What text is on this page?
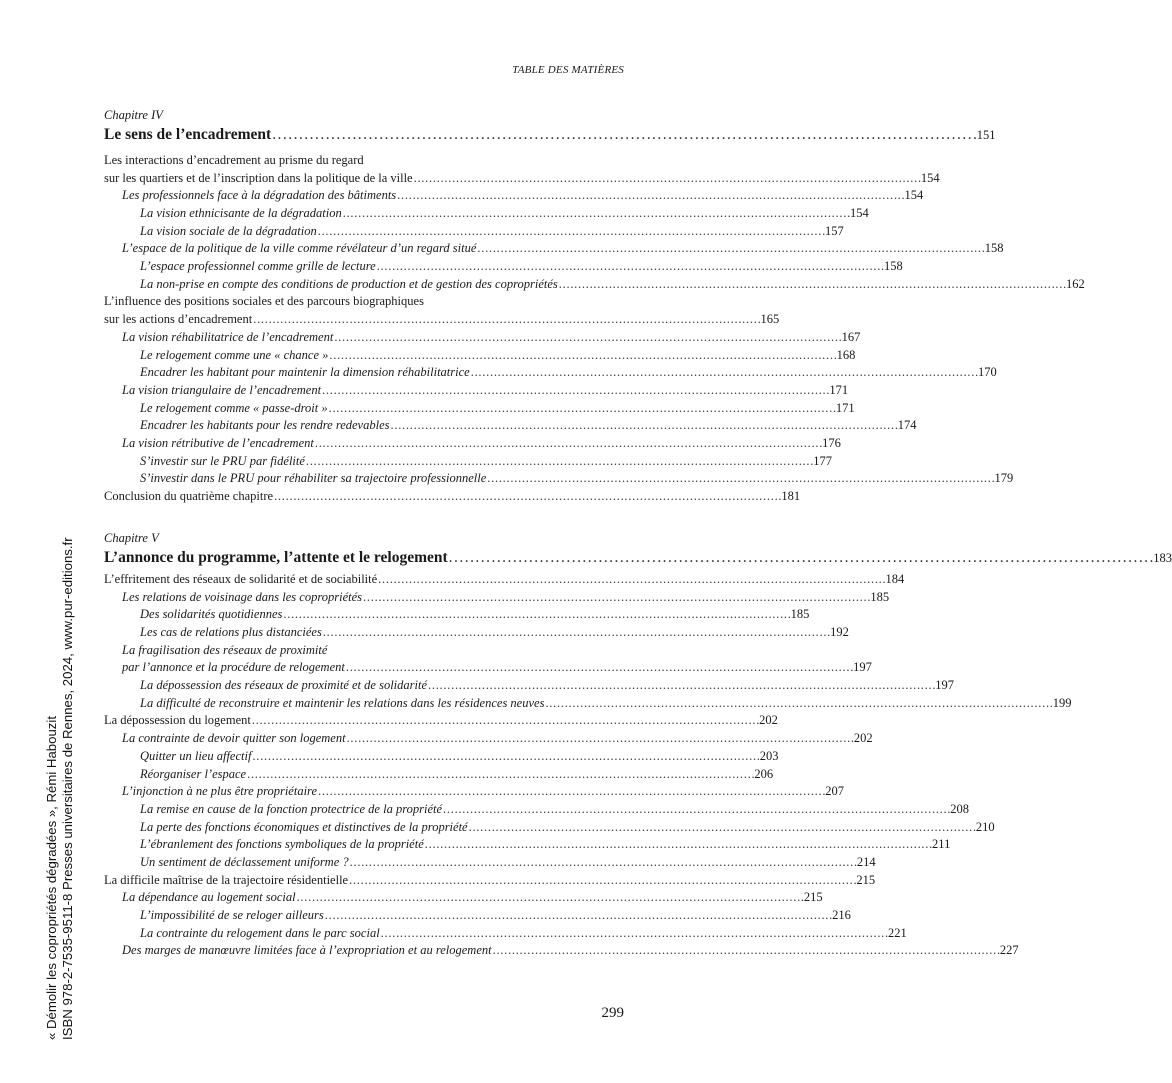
TABLE DES MATIÈRES
Chapitre IV
Le sens de l’encadrement . . .	151
Les interactions d’encadrement au prisme du regard
sur les quartiers et de l’inscription dans la politique de la ville . . .	154
Les professionnels face à la dégradation des bâtiments . . .	154
La vision ethnicisante de la dégradation . . .	154
La vision sociale de la dégradation . . .	157
L’espace de la politique de la ville comme révélateur d’un regard situé . . .	158
L’espace professionnel comme grille de lecture . . .	158
La non-prise en compte des conditions de production et de gestion des copropriétés . . .	162
L’influence des positions sociales et des parcours biographiques
sur les actions d’encadrement . . .	165
La vision réhabilitatrice de l’encadrement . . .	167
Le relogement comme une « chance » . . .	168
Encadrer les habitant pour maintenir la dimension réhabilitatrice . . .	170
La vision triangulaire de l’encadrement . . .	171
Le relogement comme « passe-droit » . . .	171
Encadrer les habitants pour les rendre redevables . . .	174
La vision rétributive de l’encadrement . . .	176
S’investir sur le PRU par fidélité . . .	177
S’investir dans le PRU pour réhabiliter sa trajectoire professionnelle . . .	179
Conclusion du quatrième chapitre . . .	181
Chapitre V
L’annonce du programme, l’attente et le relogement . . .	183
L’effritement des réseaux de solidarité et de sociabilité . . .	184
Les relations de voisinage dans les copropriétés . . .	185
Des solidarités quotidiennes . . .	185
Les cas de relations plus distanciées . . .	192
La fragilisation des réseaux de proximité
par l’annonce et la procédure de relogement . . .	197
La dépossession des réseaux de proximité et de solidarité . . .	197
La difficulté de reconstruire et maintenir les relations dans les résidences neuves . . .	199
La dépossession du logement . . .	202
La contrainte de devoir quitter son logement . . .	202
Quitter un lieu affectif . . .	203
Réorganiser l’espace . . .	206
L’injonction à ne plus être propriétaire . . .	207
La remise en cause de la fonction protectrice de la propriété . . .	208
La perte des fonctions économiques et distinctives de la propriété . . .	210
L’ébranlement des fonctions symboliques de la propriété . . .	211
Un sentiment de déclassement uniforme ? . . .	214
La difficile maîtrise de la trajectoire résidentielle . . .	215
La dépendance au logement social . . .	215
L’impossibilité de se reloger ailleurs . . .	216
La contrainte du relogement dans le parc social . . .	221
Des marges de manœuvre limitées face à l’expropriation et au relogement . . .	227
« Démolir les copropriétés dégradées », Rémi Habouzit ISBN 978-2-7535-9511-8 Presses universitaires de Rennes, 2024, www.pur-editions.fr	299
